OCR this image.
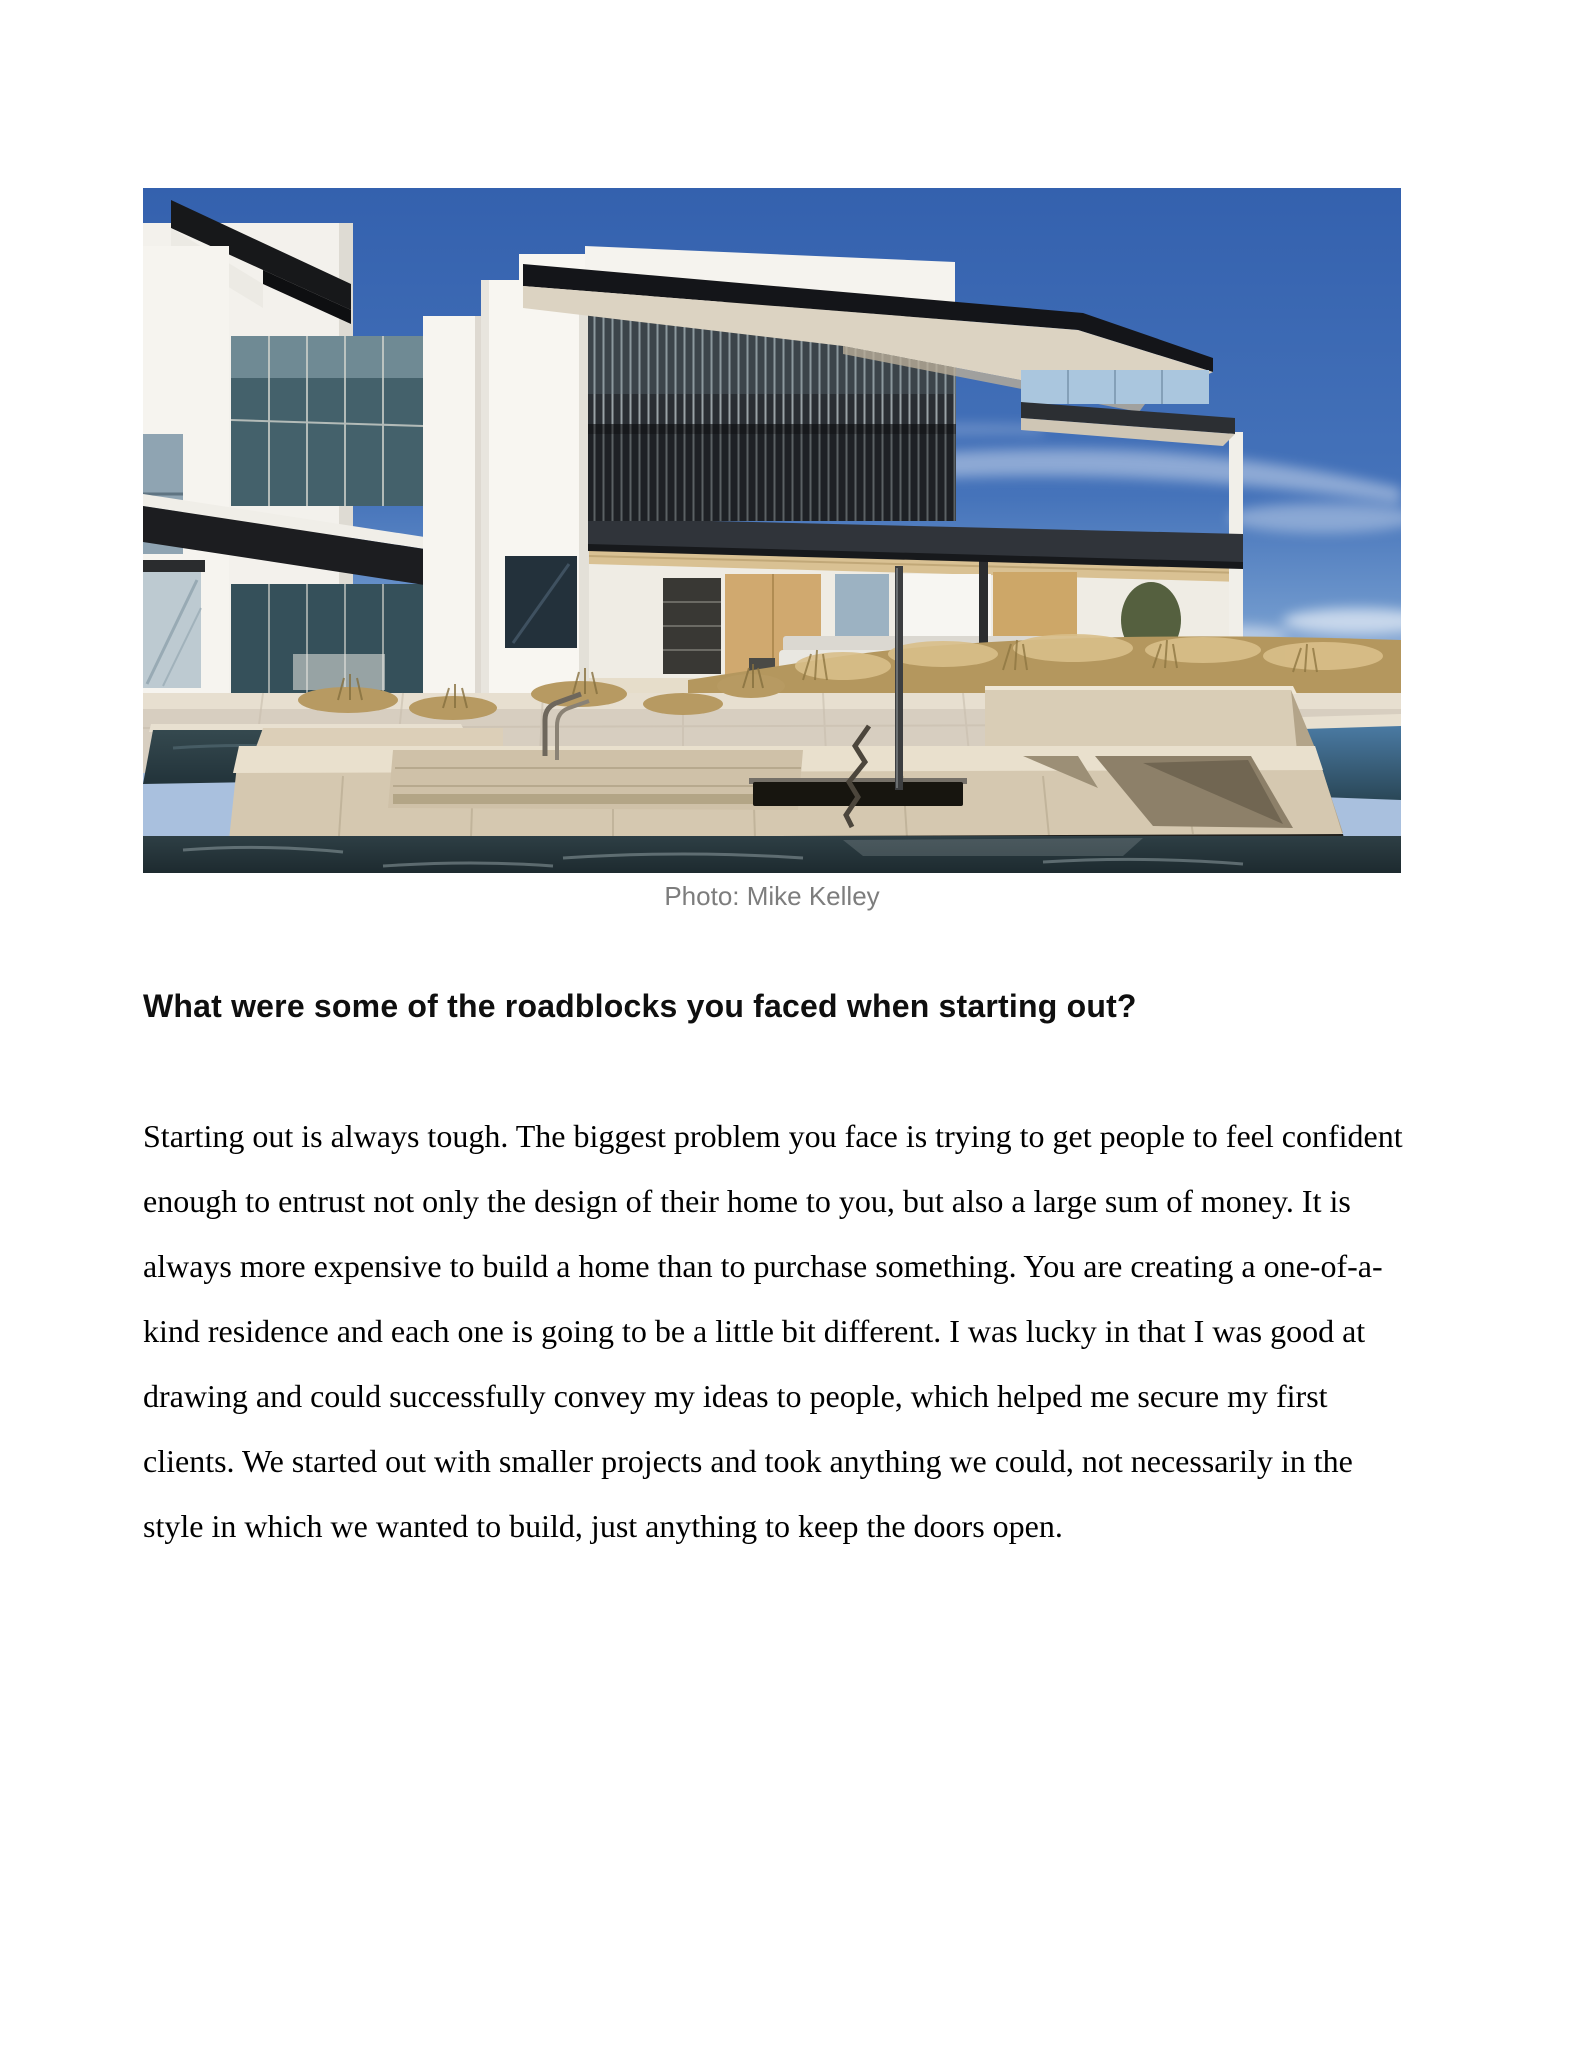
Photo: Mike Kelley
What were some of the roadblocks you faced when starting out?

Starting out is always tough. The biggest problem you face is trying to get people to feel confident enough to entrust not only the design of their home to you, but also a large sum of money. It is always more expensive to build a home than to purchase something. You are creating a one-of-a-kind residence and each one is going to be a little bit different. I was lucky in that I was good at drawing and could successfully convey my ideas to people, which helped me secure my first clients. We started out with smaller projects and took anything we could, not necessarily in the style in which we wanted to build, just anything to keep the doors open.
